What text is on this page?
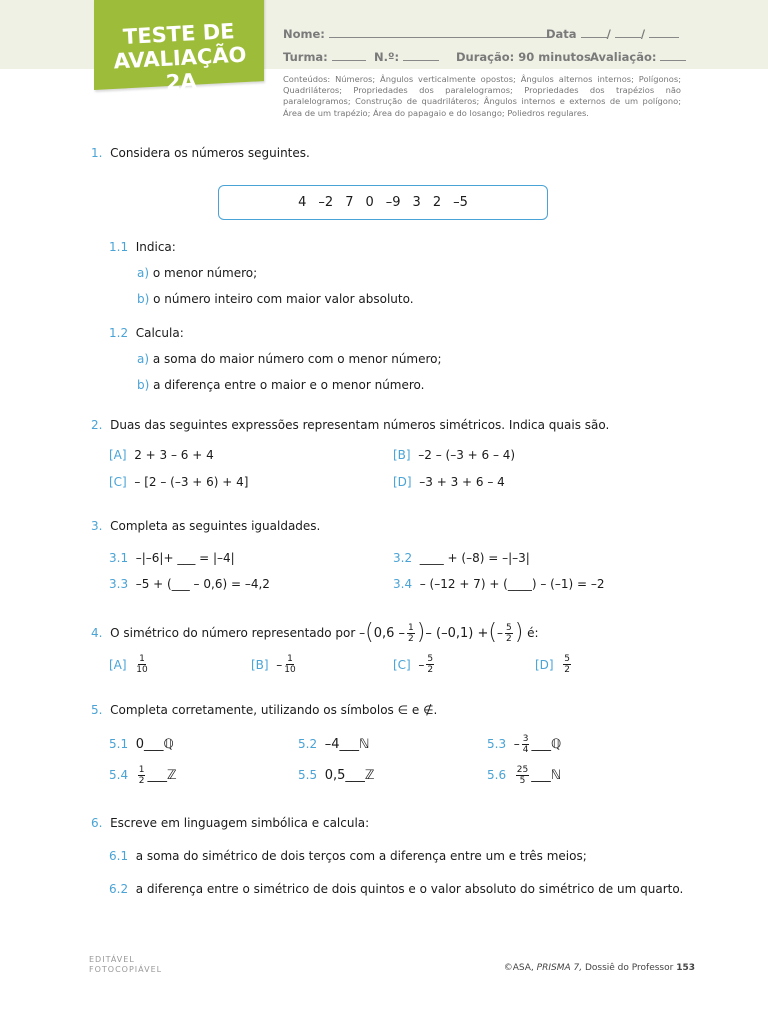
TESTE DE
AVALIAÇÃO 2A
Nome:	Data	/	/
Turma:	N.º:	Duração: 90 minutos Avaliação:
Conteúdos: Números; Ângulos verticalmente opostos; Ângulos alternos internos; Polígonos; Quadriláteros; Propriedades dos paralelogramos; Propriedades dos trapézios não paralelogramos; Construção de quadriláteros; Ângulos internos e externos de um polígono; Área de um trapézio; Área do papagaio e do losango; Poliedros regulares.
1. Considera os números seguintes.
4 –2 7 0 –9 3 2 –5
1.1 Indica:
a) o menor número;
b) o número inteiro com maior valor absoluto.
1.2 Calcula:
a) a soma do maior número com o menor número;
b) a diferença entre o maior e o menor número.
2. Duas das seguintes expressões representam números simétricos. Indica quais são.
[A] 2 + 3 – 6 + 4	[B] –2 – (–3 + 6 – 4)
[C] – [2 – (–3 + 6) + 4]	[D] –3 + 3 + 6 – 4
3. Completa as seguintes igualdades.
3.1 –|–6|+ ___ = |–4|	3.2 ____ + (–8) = –|–3|
3.3 –5 + (___ – 0,6) = –4,2	3.4 – (–12 + 7) + (____) – (–1) = –2
4.
O simétrico do número representado por
– ( $0,6 - \frac{1}{2}$ ) – (–0,1) + ( – $\frac{5}{2}$ )
é:
[A]
$\frac{1}{10}$	[B]
– $\frac{1}{10}$	[C]
– $\frac{5}{2}$	[D]
$\frac{5}{2}$
5. Completa corretamente, utilizando os símbolos ∈ e ∉.
5.1
0___ℚ	5.2
–4___ℕ	5.3
– $\frac{3}{4}$ ___ℚ
5.4
$\frac{1}{2}$ ___ℤ	5.5
0,5___ℤ	5.6
$\frac{25}{5}$ ___ℕ
6. Escreve em linguagem simbólica e calcula:
6.1 a soma do simétrico de dois terços com a diferença entre um e três meios;
6.2 a diferença entre o simétrico de dois quintos e o valor absoluto do simétrico de um quarto.
EDITÁVEL
FOTOCOPIÁVEL	©ASA, PRISMA 7, Dossiê do Professor 153
